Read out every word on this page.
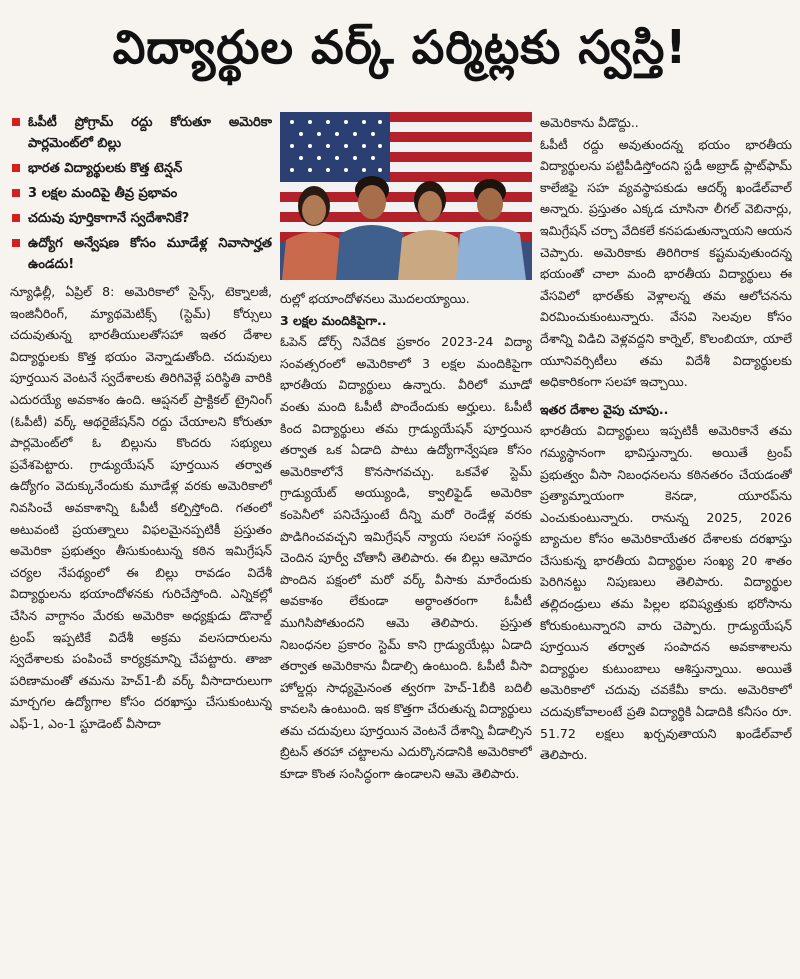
విద్యార్థుల వర్క్ పర్మిట్లకు స్వస్తి!
ఓపీటీ ప్రోగ్రామ్ రద్దు కోరుతూ అమెరికా పార్లమెంట్‌లో బిల్లు
భారత విద్యార్థులకు కొత్త టెన్షన్
3 లక్షల మందిపై తీవ్ర ప్రభావం
చదువు పూర్తికాగానే స్వదేశానికే?
ఉద్యోగ అన్వేషణ కోసం మూడేళ్ల నివాసార్హత ఉండదు!

న్యూఢిల్లీ, ఏప్రిల్ 8: అమెరికాలో సైన్స్, టెక్నాలజీ, ఇంజినీరింగ్, మ్యాథమెటిక్స్ (స్టెమ్) కోర్సులు చదువుతున్న భారతీయులతోసహా ఇతర దేశాల విద్యార్థులకు కొత్త భయం వెన్నాడుతోంది. చదువులు పూర్తయిన వెంటనే స్వదేశాలకు తిరిగివెళ్లే పరిస్థితి వారికి ఎదురయ్యే అవకాశం ఉంది. ఆప్షనల్ ప్రాక్టికల్ ట్రైనింగ్ (ఓపీటీ) వర్క్ ఆథరైజేషన్‌ని రద్దు చేయాలని కోరుతూ పార్లమెంట్‌లో ఓ బిల్లును కొందరు సభ్యులు ప్రవేశపెట్టారు. గ్రాడ్యుయేషన్ పూర్తయిన తర్వాత ఉద్యోగం వెదుక్కునేందుకు మూడేళ్ల వరకు అమెరికాలో నివసించే అవకాశాన్ని ఓపీటీ కల్పిస్తోంది. గతంలో అటువంటి ప్రయత్నాలు విఫలమైనప్పటికీ ప్రస్తుతం అమెరికా ప్రభుత్వం తీసుకుంటున్న కఠిన ఇమిగ్రేషన్ చర్యల నేపథ్యంలో ఈ బిల్లు రావడం విదేశీ విద్యార్థులను భయాందోళనకు గురిచేస్తోంది. ఎన్నికల్లో చేసిన వాగ్దానం మేరకు అమెరికా అధ్యక్షుడు డొనాల్డ్ ట్రంప్ ఇప్పటికే విదేశీ అక్రమ వలసదారులను స్వదేశాలకు పంపించే కార్యక్రమాన్ని చేపట్టారు. తాజా పరిణామంతో తమను హెచ్1-బీ వర్క్ వీసాదారులుగా మార్చగల ఉద్యోగాల కోసం దరఖాస్తు చేసుకుంటున్న ఎఫ్-1, ఎం-1 స్టూడెంట్ వీసాదా

రుల్లో భయాందోళనలు మొదలయ్యాయి.

3 లక్షల మందికిపైగా..

ఓపెన్ డోర్స్ నివేదిక ప్రకారం 2023-24 విద్యా సంవత్సరంలో అమెరికాలో 3 లక్షల మందికిపైగా భారతీయ విద్యార్థులు ఉన్నారు. వీరిలో మూడో వంతు మంది ఓపీటీ పొందేందుకు అర్హులు. ఓపీటీ కింద విద్యార్థులు తమ గ్రాడ్యుయేషన్ పూర్తయిన తర్వాత ఒక ఏడాది పాటు ఉద్యోగాన్వేషణ కోసం అమెరికాలోనే కొనసాగవచ్చు. ఒకవేళ స్టెమ్ గ్రాడ్యుయేట్ అయ్యుండి, క్వాలిఫైడ్ అమెరికా కంపెనీలో పనిచేస్తుంటే దీన్ని మరో రెండేళ్ల వరకు పొడిగించవచ్చని ఇమిగ్రేషన్ న్యాయ సలహా సంస్థకు చెందిన పూర్వీ చోతానీ తెలిపారు. ఈ బిల్లు ఆమోదం పొందిన పక్షంలో మరో వర్క్ వీసాకు మారేందుకు అవకాశం లేకుండా అర్ధాంతరంగా ఓపీటీ ముగిసిపోతుందని ఆమె తెలిపారు. ప్రస్తుత నిబంధనల ప్రకారం స్టెమ్ కాని గ్రాడ్యుయేట్లు ఏడాది తర్వాత అమెరికాను వీడాల్సి ఉంటుంది. ఓపీటీ వీసా హోల్డర్లు సాధ్యమైనంత త్వరగా హెచ్-1బీకి బదిలీ కావలసి ఉంటుంది. ఇక కొత్తగా చేరుతున్న విద్యార్థులు తమ చదువులు పూర్తయిన వెంటనే దేశాన్ని వీడాల్సిన బ్రిటన్ తరహా చట్టాలను ఎదుర్కొనడానికి అమెరికాలో కూడా కొంత సంసిద్ధంగా ఉండాలని ఆమె తెలిపారు.

అమెరికాను వీడొద్దు..

ఓపీటీ రద్దు అవుతుందన్న భయం భారతీయ విద్యార్థులను పట్టిపీడిస్తోందని స్టడీ అబ్రాడ్ ప్లాట్‌ఫామ్ కాలేజిఫై సహ వ్యవస్థాపకుడు ఆదర్శ్ ఖండేల్‌వాల్ అన్నారు. ప్రస్తుతం ఎక్కడ చూసినా లీగల్ వెబినార్లు, ఇమిగ్రేషన్ చర్చా వేదికలే కనపడుతున్నాయని ఆయన చెప్పారు. అమెరికాకు తిరిగిరాక కష్టమవుతుందన్న భయంతో చాలా మంది భారతీయ విద్యార్థులు ఈ వేసవిలో భారత్‌కు వెళ్లాలన్న తమ ఆలోచనను విరమించుకుంటున్నారు. వేసవి సెలవుల కోసం దేశాన్ని విడిచి వెళ్లవద్దని కార్నెల్, కొలంబియా, యాలే యూనివర్సిటీలు తమ విదేశీ విద్యార్థులకు అధికారికంగా సలహా ఇచ్చాయి.

ఇతర దేశాల వైపు చూపు..

భారతీయ విద్యార్థులు ఇప్పటికీ అమెరికానే తమ గమ్యస్థానంగా భావిస్తున్నారు. అయితే ట్రంప్ ప్రభుత్వం వీసా నిబంధనలను కఠినతరం చేయడంతో ప్రత్యామ్నాయంగా కెనడా, యూరప్‌ను ఎంచుకుంటున్నారు. రానున్న 2025, 2026 బ్యాచుల కోసం అమెరికాయేతర దేశాలకు దరఖాస్తు చేసుకున్న భారతీయ విద్యార్థుల సంఖ్య 20 శాతం పెరిగినట్టు నిపుణులు తెలిపారు. విద్యార్థుల తల్లిదండ్రులు తమ పిల్లల భవిష్యత్తుకు భరోసాను కోరుకుంటున్నారని వారు చెప్పారు. గ్రాడ్యుయేషన్ పూర్తయిన తర్వాత సంపాదన అవకాశాలను విద్యార్థుల కుటుంబాలు ఆశిస్తున్నాయి. అయితే అమెరికాలో చదువు చవకేమీ కాదు. అమెరికాలో చదువుకోవాలంటే ప్రతి విద్యార్థికి ఏడాదికి కనీసం రూ. 51.72 లక్షలు ఖర్చవుతాయని ఖండేల్‌వాల్ తెలిపారు.
